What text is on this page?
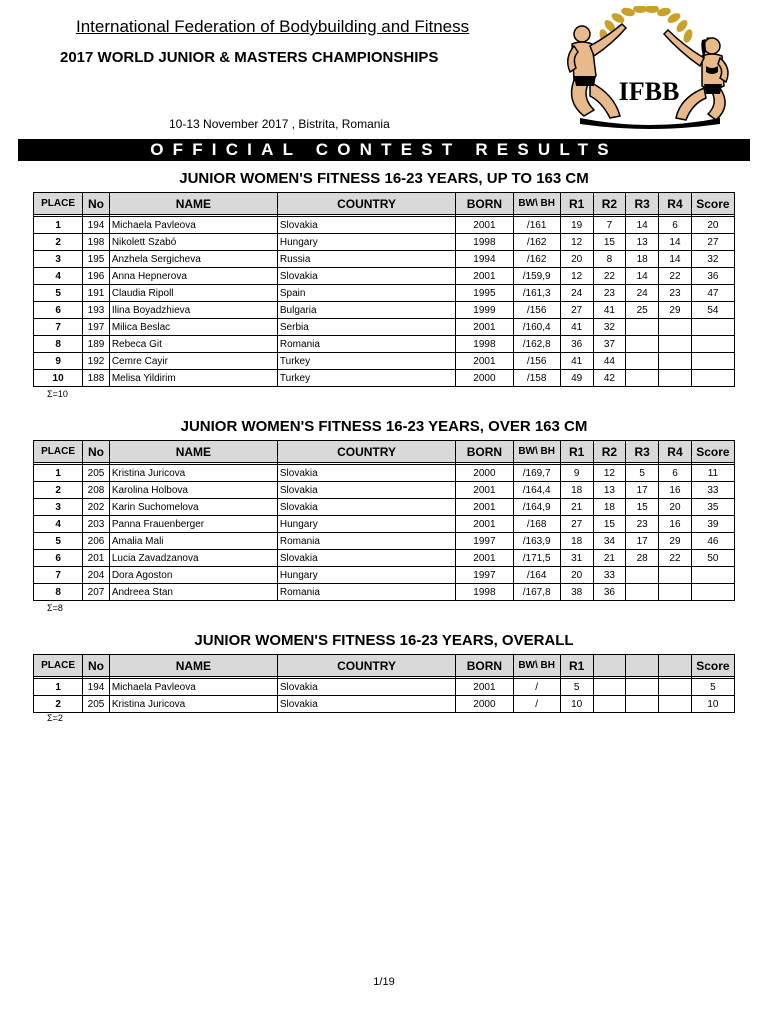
International Federation of Bodybuilding and Fitness
2017 WORLD JUNIOR & MASTERS CHAMPIONSHIPS
10-13 November 2017 , Bistrita, Romania
IFBB
OFFICIAL CONTEST RESULTS
JUNIOR WOMEN'S FITNESS 16-23 YEARS, UP TO 163 CM
PLACE	No	NAME	COUNTRY	BORN	BW\ BH	R1	R2	R3	R4	Score

1	194	Michaela Pavleova	Slovakia	2001	/161	19	7	14	6	20
2	198	Nikolett Szabó	Hungary	1998	/162	12	15	13	14	27
3	195	Anzhela Sergicheva	Russia	1994	/162	20	8	18	14	32
4	196	Anna Hepnerova	Slovakia	2001	/159,9	12	22	14	22	36
5	191	Claudia Ripoll	Spain	1995	/161,3	24	23	24	23	47
6	193	Ilina Boyadzhieva	Bulgaria	1999	/156	27	41	25	29	54
7	197	Milica Beslac	Serbia	2001	/160,4	41	32			
8	189	Rebeca Git	Romania	1998	/162,8	36	37			
9	192	Cemre Cayir	Turkey	2001	/156	41	44			
10	188	Melisa Yildirim	Turkey	2000	/158	49	42			
Σ=10
JUNIOR WOMEN'S FITNESS 16-23 YEARS, OVER 163 CM
PLACE	No	NAME	COUNTRY	BORN	BW\ BH	R1	R2	R3	R4	Score

1	205	Kristina Juricova	Slovakia	2000	/169,7	9	12	5	6	11
2	208	Karolina Holbova	Slovakia	2001	/164,4	18	13	17	16	33
3	202	Karin Suchomelova	Slovakia	2001	/164,9	21	18	15	20	35
4	203	Panna Frauenberger	Hungary	2001	/168	27	15	23	16	39
5	206	Amalia Mali	Romania	1997	/163,9	18	34	17	29	46
6	201	Lucia Zavadzanova	Slovakia	2001	/171,5	31	21	28	22	50
7	204	Dora Agoston	Hungary	1997	/164	20	33			
8	207	Andreea Stan	Romania	1998	/167,8	38	36			
Σ=8
JUNIOR WOMEN'S FITNESS 16-23 YEARS, OVERALL
PLACE	No	NAME	COUNTRY	BORN	BW\ BH	R1				Score

1	194	Michaela Pavleova	Slovakia	2001	/	5				5
2	205	Kristina Juricova	Slovakia	2000	/	10				10
Σ=2
1/19
